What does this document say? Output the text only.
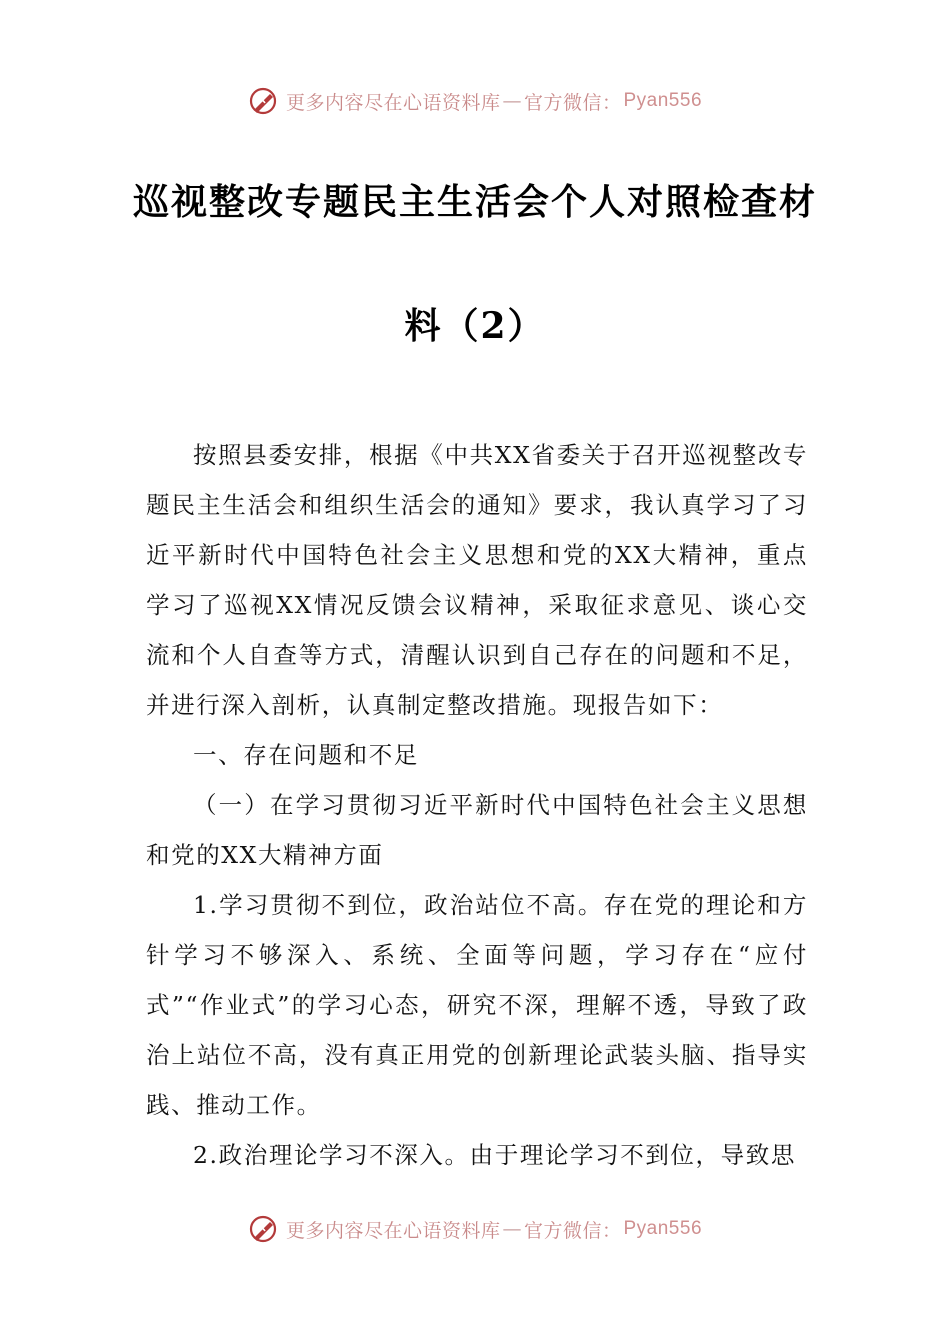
更多内容尽在心语资料库 — 官方微信： Pyan556
巡视整改专题民主生活会个人对照检查材
料（2）

按照县委安排，根据《中共XX省委关于召开巡视整改专题民主生活会和组织生活会的通知》要求，我认真学习了习近平新时代中国特色社会主义思想和党的XX大精神，重点学习了巡视XX情况反馈会议精神，采取征求意见、谈心交流和个人自查等方式，清醒认识到自己存在的问题和不足，并进行深入剖析，认真制定整改措施。现报告如下：

一、存在问题和不足

（一）在学习贯彻习近平新时代中国特色社会主义思想和党的XX大精神方面

1.学习贯彻不到位，政治站位不高。存在党的理论和方针学习不够深入、系统、全面等问题，学习存在“应付式”“作业式”的学习心态，研究不深，理解不透，导致了政治上站位不高，没有真正用党的创新理论武装头脑、指导实践、推动工作。

2.政治理论学习不深入。由于理论学习不到位，导致思

更多内容尽在心语资料库 — 官方微信： Pyan556
